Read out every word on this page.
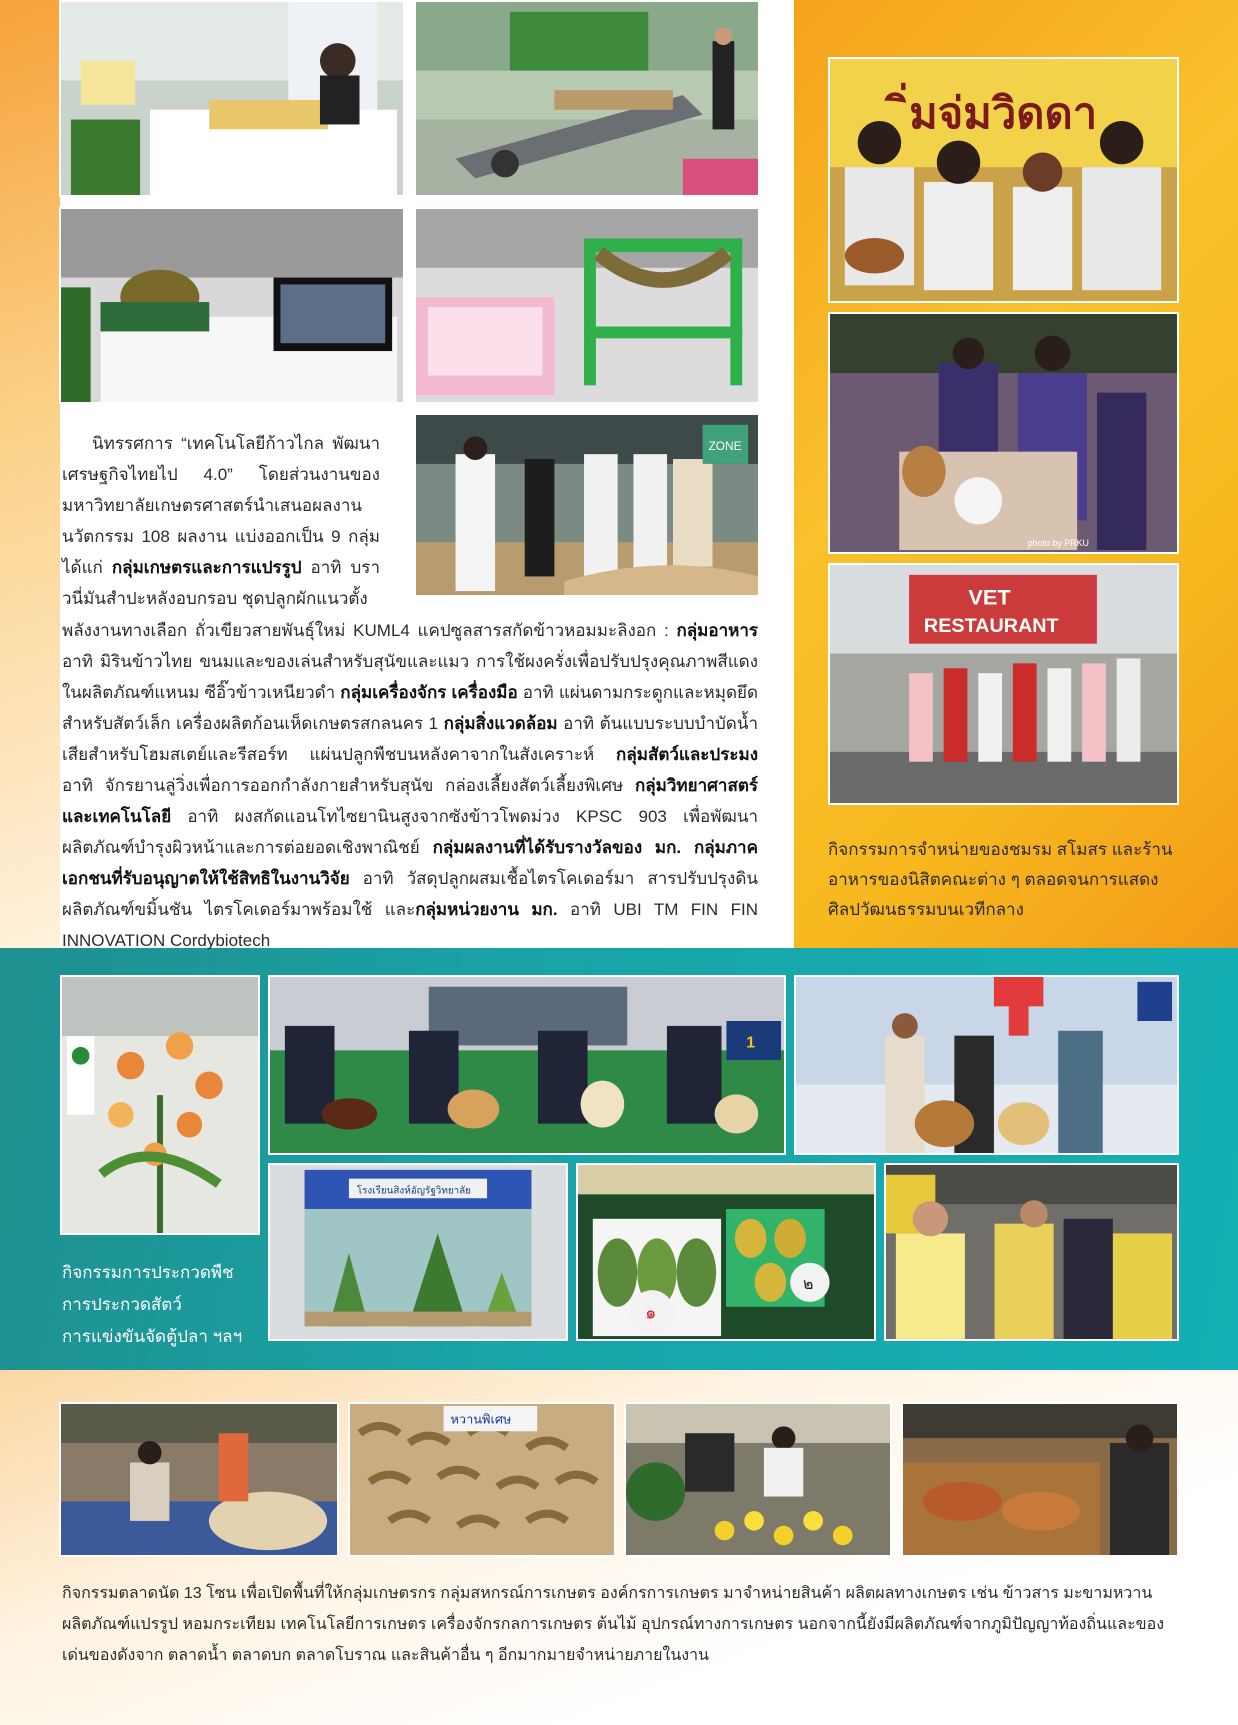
ZONE
ิ่มจ่มวิดดา
photo by PRKU
VET
RESTAURANT
นิทรรศการ “เทคโนโลยีก้าวไกล พัฒนาเศรษฐกิจไทยไป 4.0” โดยส่วนงานของมหาวิทยาลัยเกษตรศาสตร์นำเสนอผลงานนวัตกรรม 108 ผลงาน แบ่งออกเป็น 9 กลุ่ม ได้แก่ กลุ่มเกษตรและการแปรรูป อาทิ บราวนี่มันสำปะหลังอบกรอบ ชุดปลูกผักแนวตั้ง
พลังงานทางเลือก ถั่วเขียวสายพันธุ์ใหม่ KUML4 แคปซูลสารสกัดข้าวหอมมะลิงอก : กลุ่มอาหาร อาทิ มิรินข้าวไทย ขนมและของเล่นสำหรับสุนัขและแมว การใช้ผงครั่งเพื่อปรับปรุงคุณภาพสีแดงในผลิตภัณฑ์แหนม ซีอิ๊วข้าวเหนียวดำ กลุ่มเครื่องจักร เครื่องมือ อาทิ แผ่นดามกระดูกและหมุดยึดสำหรับสัตว์เล็ก เครื่องผลิตก้อนเห็ดเกษตรสกลนคร 1 กลุ่มสิ่งแวดล้อม อาทิ ต้นแบบระบบบำบัดน้ำเสียสำหรับโฮมสเตย์และรีสอร์ท แผ่นปลูกพืชบนหลังคาจากในสังเคราะห์ กลุ่มสัตว์และประมง อาทิ จักรยานลู่วิ่งเพื่อการออกกำลังกายสำหรับสุนัข กล่องเลี้ยงสัตว์เลี้ยงพิเศษ กลุ่มวิทยาศาสตร์และเทคโนโลยี อาทิ ผงสกัดแอนโทไซยานินสูงจากซังข้าวโพดม่วง KPSC 903 เพื่อพัฒนาผลิตภัณฑ์บำรุงผิวหน้าและการต่อยอดเชิงพาณิชย์ กลุ่มผลงานที่ได้รับรางวัลของ มก. กลุ่มภาคเอกชนที่รับอนุญาตให้ใช้สิทธิในงานวิจัย อาทิ วัสดุปลูกผสมเชื้อไตรโคเดอร์มา สารปรับปรุงดิน ผลิตภัณฑ์ขมิ้นชัน ไตรโคเดอร์มาพร้อมใช้ และกลุ่มหน่วยงาน มก. อาทิ UBI TM FIN FIN INNOVATION Cordybiotech
กิจกรรมการจำหน่ายของชมรม สโมสร และร้านอาหารของนิสิตคณะต่าง ๆ ตลอดจนการแสดงศิลปวัฒนธรรมบนเวทีกลาง
1
โรงเรียนสิงห์อัญรัฐวิทยาลัย
๑
๒
กิจกรรมการประกวดพืช
การประกวดสัตว์
การแข่งขันจัดตู้ปลา ฯลฯ
หวานพิเศษ
กิจกรรมตลาดนัด 13 โซน เพื่อเปิดพื้นที่ให้กลุ่มเกษตรกร กลุ่มสหกรณ์การเกษตร องค์กรการเกษตร มาจำหน่ายสินค้า ผลิตผลทางเกษตร เช่น ข้าวสาร มะขามหวาน ผลิตภัณฑ์แปรรูป หอมกระเทียม เทคโนโลยีการเกษตร เครื่องจักรกลการเกษตร ต้นไม้ อุปกรณ์ทางการเกษตร นอกจากนี้ยังมีผลิตภัณฑ์จากภูมิปัญญาท้องถิ่นและของเด่นของดังจาก ตลาดน้ำ ตลาดบก ตลาดโบราณ และสินค้าอื่น ๆ อีกมากมายจำหน่ายภายในงาน
